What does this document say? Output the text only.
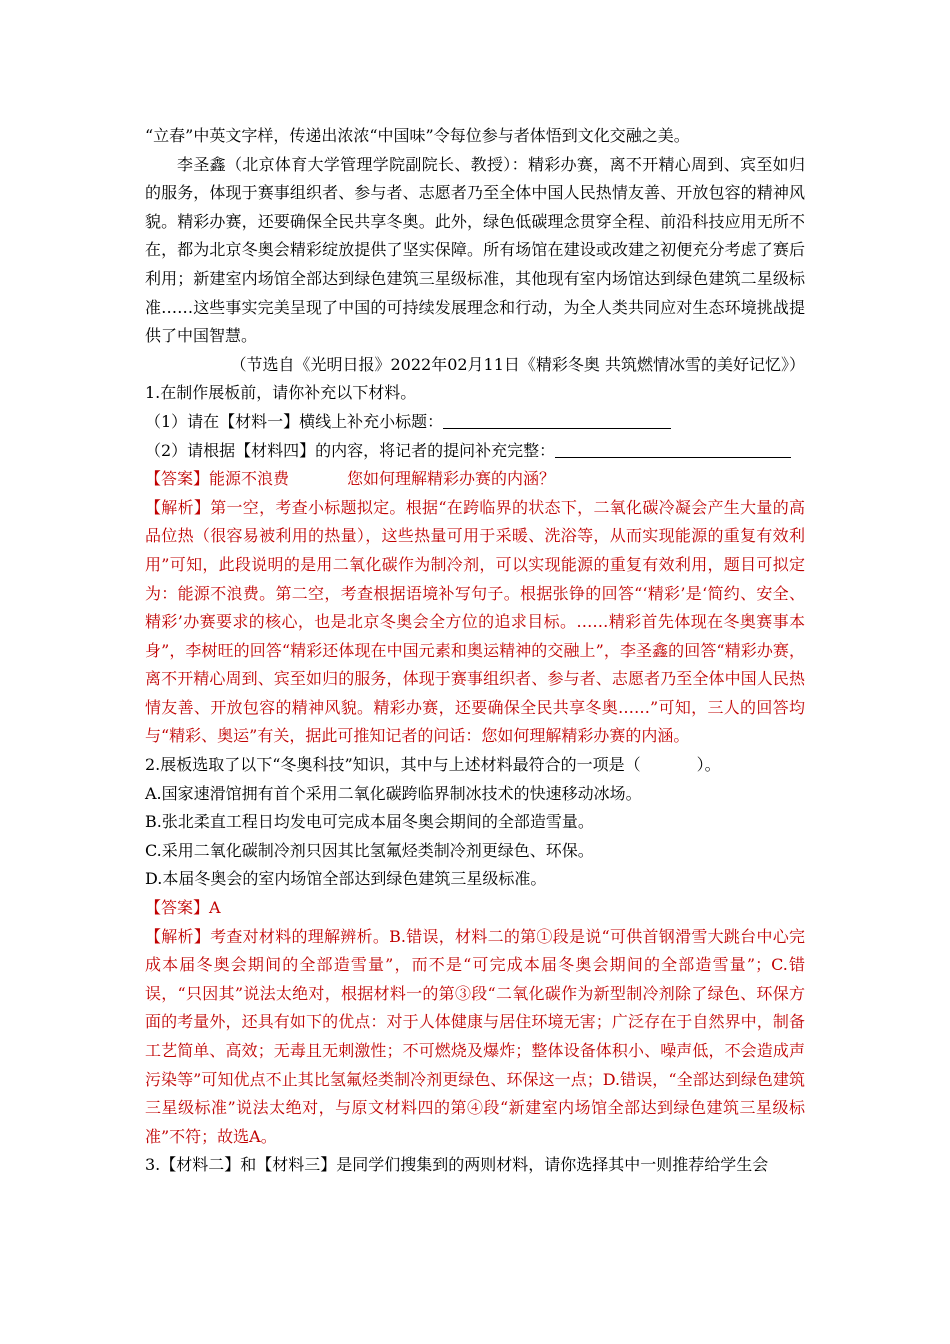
“立春”中英文字样，传递出浓浓“中国味”令每位参与者体悟到文化交融之美。

李圣鑫（北京体育大学管理学院副院长、教授）：精彩办赛，离不开精心周到、宾至如归的服务，体现于赛事组织者、参与者、志愿者乃至全体中国人民热情友善、开放包容的精神风貌。精彩办赛，还要确保全民共享冬奥。此外，绿色低碳理念贯穿全程、前沿科技应用无所不在，都为北京冬奥会精彩绽放提供了坚实保障。所有场馆在建设或改建之初便充分考虑了赛后利用；新建室内场馆全部达到绿色建筑三星级标准，其他现有室内场馆达到绿色建筑二星级标准……这些事实完美呈现了中国的可持续发展理念和行动，为全人类共同应对生态环境挑战提供了中国智慧。

（节选自《光明日报》2022年02月11日《精彩冬奥 共筑燃情冰雪的美好记忆》）

1.在制作展板前，请你补充以下材料。

（1）请在【材料一】横线上补充小标题：

（2）请根据【材料四】的内容，将记者的提问补充完整：

【答案】能源不浪费	您如何理解精彩办赛的内涵？

【解析】第一空，考查小标题拟定。根据“在跨临界的状态下，二氧化碳冷凝会产生大量的高品位热（很容易被利用的热量），这些热量可用于采暖、洗浴等，从而实现能源的重复有效利用”可知，此段说明的是用二氧化碳作为制冷剂，可以实现能源的重复有效利用，题目可拟定为：能源不浪费。第二空，考查根据语境补写句子。根据张铮的回答“‘精彩’是‘简约、安全、精彩’办赛要求的核心，也是北京冬奥会全方位的追求目标。……精彩首先体现在冬奥赛事本身”，李树旺的回答“精彩还体现在中国元素和奥运精神的交融上”，李圣鑫的回答“精彩办赛，离不开精心周到、宾至如归的服务，体现于赛事组织者、参与者、志愿者乃至全体中国人民热情友善、开放包容的精神风貌。精彩办赛，还要确保全民共享冬奥……”可知，三人的回答均与“精彩、奥运”有关，据此可推知记者的问话：您如何理解精彩办赛的内涵。

2.展板选取了以下“冬奥科技”知识，其中与上述材料最符合的一项是（	）。

A.国家速滑馆拥有首个采用二氧化碳跨临界制冰技术的快速移动冰场。

B.张北柔直工程日均发电可完成本届冬奥会期间的全部造雪量。

C.采用二氧化碳制冷剂只因其比氢氟烃类制冷剂更绿色、环保。

D.本届冬奥会的室内场馆全部达到绿色建筑三星级标准。

【答案】A

【解析】考查对材料的理解辨析。B.错误，材料二的第①段是说“可供首钢滑雪大跳台中心完成本届冬奥会期间的全部造雪量”，而不是“可完成本届冬奥会期间的全部造雪量”；C.错误，“只因其”说法太绝对，根据材料一的第③段“二氧化碳作为新型制冷剂除了绿色、环保方面的考量外，还具有如下的优点：对于人体健康与居住环境无害；广泛存在于自然界中，制备工艺简单、高效；无毒且无刺激性；不可燃烧及爆炸；整体设备体积小、噪声低，不会造成声污染等”可知优点不止其比氢氟烃类制冷剂更绿色、环保这一点；D.错误，“全部达到绿色建筑三星级标准”说法太绝对，与原文材料四的第④段“新建室内场馆全部达到绿色建筑三星级标准”不符；故选A。

3.【材料二】和【材料三】是同学们搜集到的两则材料，请你选择其中一则推荐给学生会
